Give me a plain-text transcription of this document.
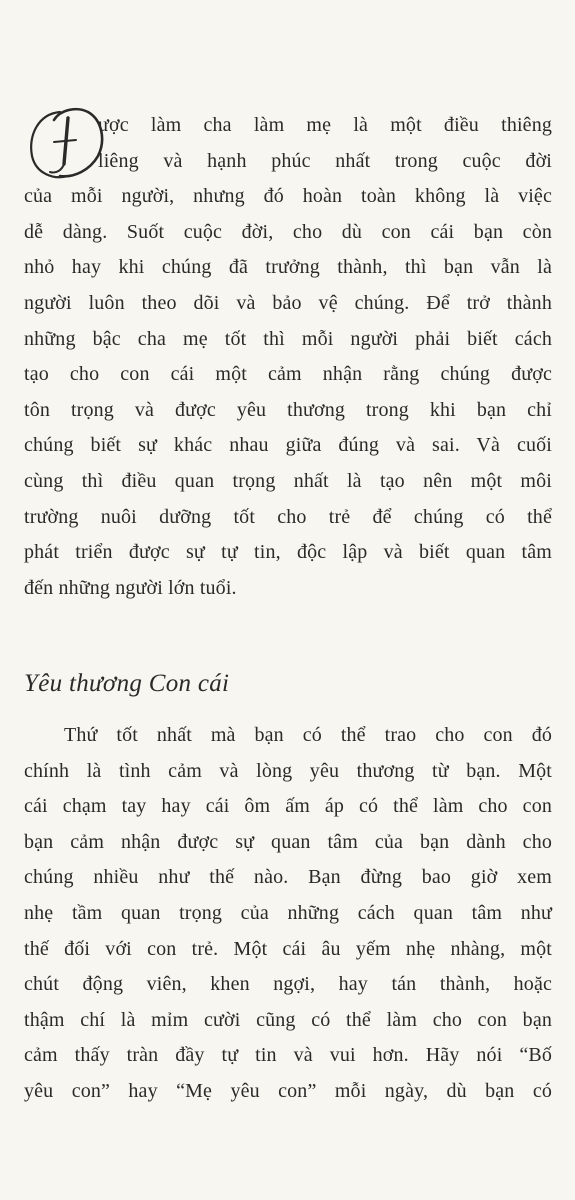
ược làm cha làm mẹ là một điều thiêng
liêng và hạnh phúc nhất trong cuộc đời
của mỗi người, nhưng đó hoàn toàn không là việc
dễ dàng. Suốt cuộc đời, cho dù con cái bạn còn
nhỏ hay khi chúng đã trưởng thành, thì bạn vẫn là
người luôn theo dõi và bảo vệ chúng. Để trở thành
những bậc cha mẹ tốt thì mỗi người phải biết cách
tạo cho con cái một cảm nhận rằng chúng được
tôn trọng và được yêu thương trong khi bạn chỉ
chúng biết sự khác nhau giữa đúng và sai. Và cuối
cùng thì điều quan trọng nhất là tạo nên một môi
trường nuôi dưỡng tốt cho trẻ để chúng có thể
phát triển được sự tự tin, độc lập và biết quan tâm
đến những người lớn tuổi.
Yêu thương Con cái
Thứ tốt nhất mà bạn có thể trao cho con đó
chính là tình cảm và lòng yêu thương từ bạn. Một
cái chạm tay hay cái ôm ấm áp có thể làm cho con
bạn cảm nhận được sự quan tâm của bạn dành cho
chúng nhiều như thế nào. Bạn đừng bao giờ xem
nhẹ tầm quan trọng của những cách quan tâm như
thế đối với con trẻ. Một cái âu yếm nhẹ nhàng, một
chút động viên, khen ngợi, hay tán thành, hoặc
thậm chí là mỉm cười cũng có thể làm cho con bạn
cảm thấy tràn đầy tự tin và vui hơn. Hãy nói “Bố
yêu con” hay “Mẹ yêu con” mỗi ngày, dù bạn có
